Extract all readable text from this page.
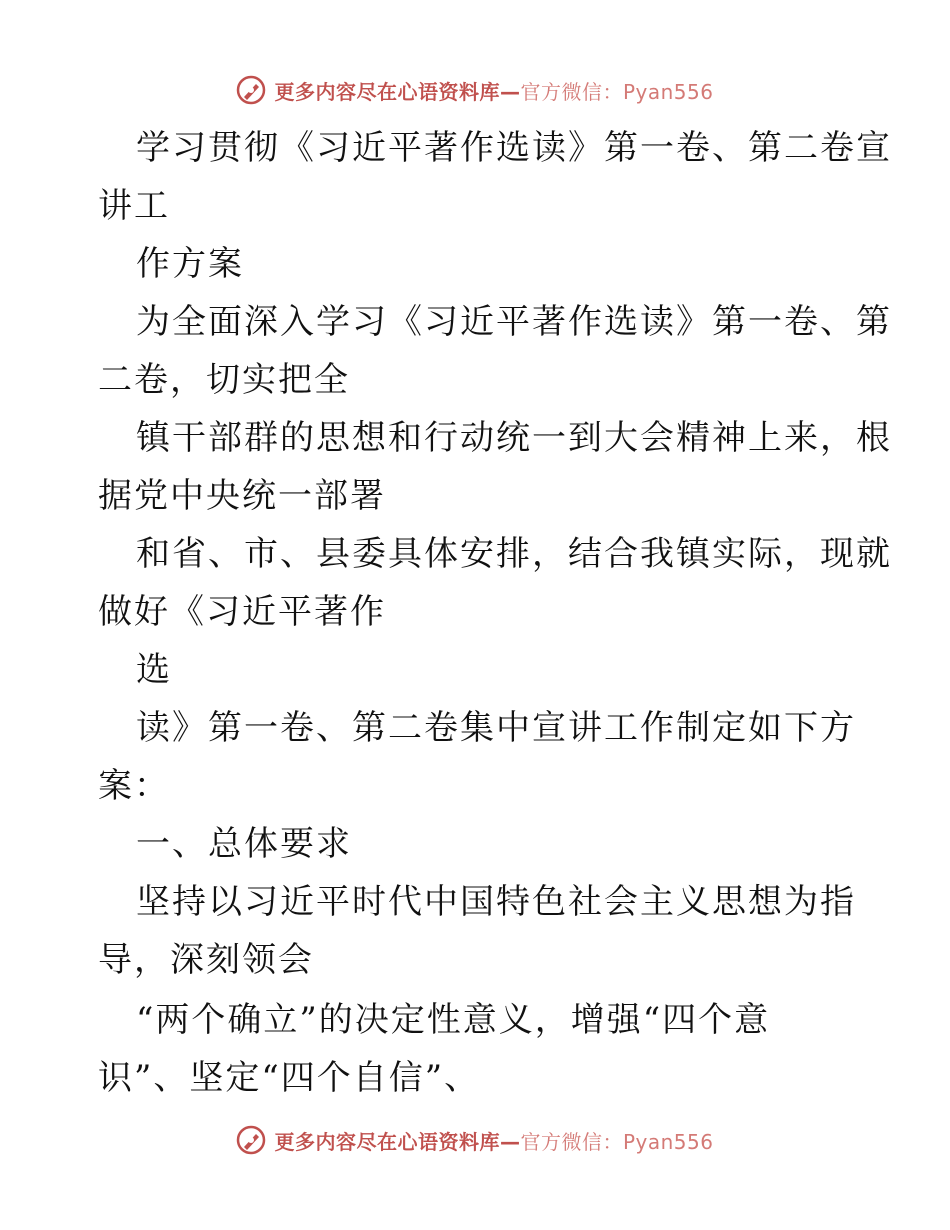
更多内容尽在心语资料库—官方微信：Pyan556
学习贯彻《习近平著作选读》第一卷、第二卷宣
讲工
作方案
为全面深入学习《习近平著作选读》第一卷、第
二卷，切实把全
镇干部群的思想和行动统一到大会精神上来，根
据党中央统一部署
和省、市、县委具体安排，结合我镇实际，现就
做好《习近平著作
选
读》第一卷、第二卷集中宣讲工作制定如下方
案：
一、总体要求
坚持以习近平时代中国特色社会主义思想为指
导，深刻领会
“两个确立”的决定性意义，增强“四个意
识”、坚定“四个自信”、
更多内容尽在心语资料库—官方微信：Pyan556
